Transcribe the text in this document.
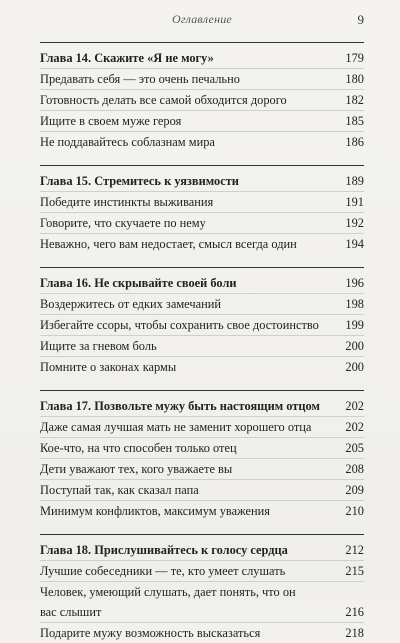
Оглавление	9
Глава 14. Скажите «Я не могу»	179
Предавать себя — это очень печально	180
Готовность делать все самой обходится дорого	182
Ищите в своем муже героя	185
Не поддавайтесь соблазнам мира	186
Глава 15. Стремитесь к уязвимости	189
Победите инстинкты выживания	191
Говорите, что скучаете по нему	192
Неважно, чего вам недостает, смысл всегда один	194
Глава 16. Не скрывайте своей боли	196
Воздержитесь от едких замечаний	198
Избегайте ссоры, чтобы сохранить свое достоинство 199
Ищите за гневом боль	200
Помните о законах кармы	200
Глава 17. Позвольте мужу быть настоящим отцом 202
Даже самая лучшая мать не заменит хорошего отца	202
Кое-что, на что способен только отец	205
Дети уважают тех, кого уважаете вы	208
Поступай так, как сказал папа	209
Минимум конфликтов, максимум уважения	210
Глава 18. Прислушивайтесь к голосу сердца	212
Лучшие собеседники — те, кто умеет слушать	215
Человек, умеющий слушать, дает понять, что он
вас слышит	216
Подарите мужу возможность высказаться	218
